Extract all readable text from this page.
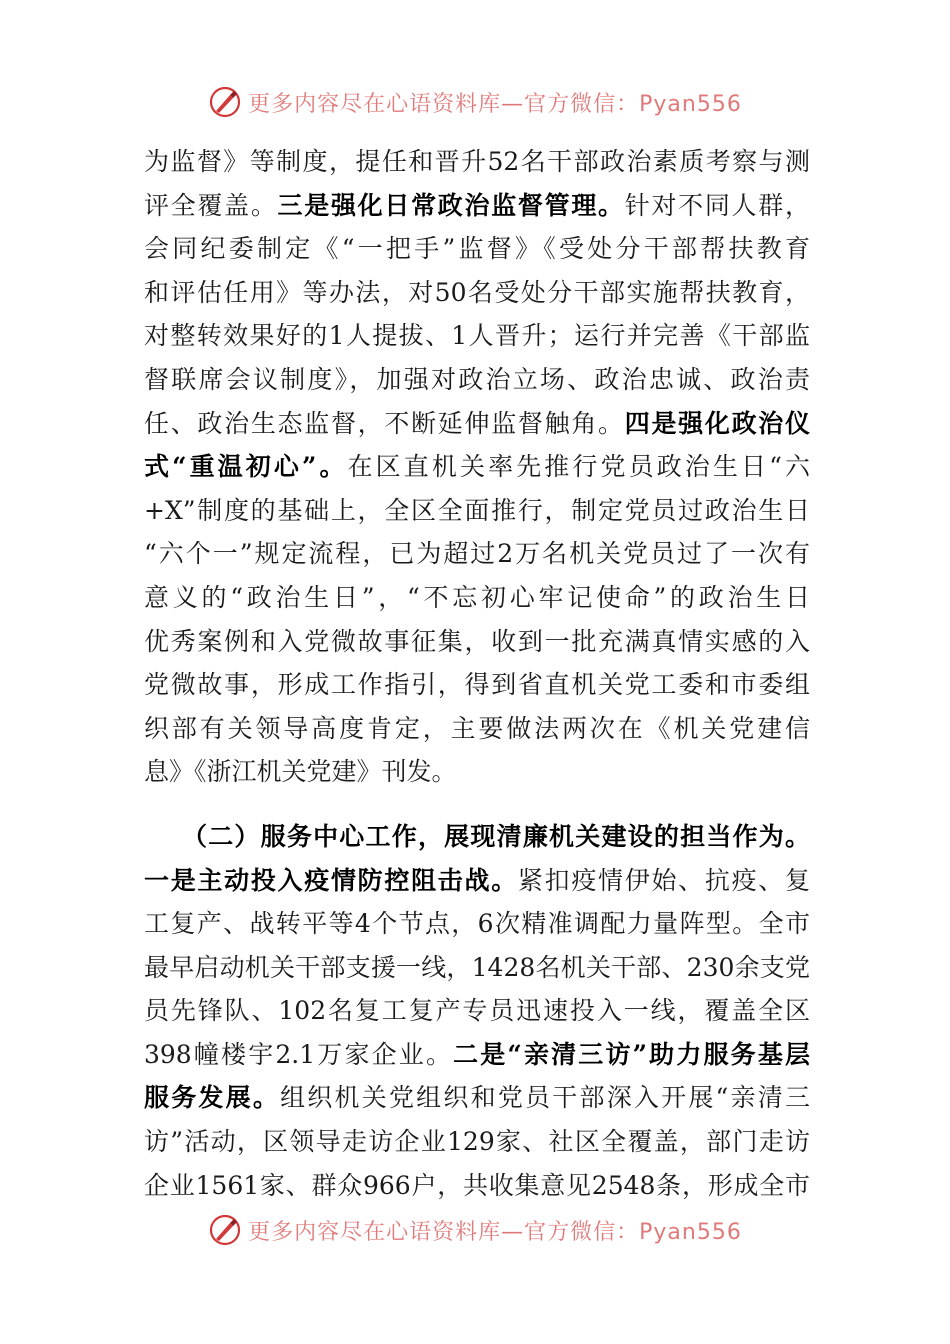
更多内容尽在心语资料库—官方微信：Pyan556
为监督》等制度，提任和晋升52名干部政治素质考察与测
评全覆盖。三是强化日常政治监督管理。针对不同人群，
会同纪委制定《“一把手”监督》《受处分干部帮扶教育
和评估任用》等办法，对50名受处分干部实施帮扶教育，
对整转效果好的1人提拔、1人晋升；运行并完善《干部监
督联席会议制度》，加强对政治立场、政治忠诚、政治责
任、政治生态监督，不断延伸监督触角。四是强化政治仪
式“重温初心”。在区直机关率先推行党员政治生日“六
+X”制度的基础上，全区全面推行，制定党员过政治生日
“六个一”规定流程，已为超过2万名机关党员过了一次有
意义的“政治生日”，“不忘初心牢记使命”的政治生日
优秀案例和入党微故事征集，收到一批充满真情实感的入
党微故事，形成工作指引，得到省直机关党工委和市委组
织部有关领导高度肯定，主要做法两次在《机关党建信
息》《浙江机关党建》刊发。
（二）服务中心工作，展现清廉机关建设的担当作为。
一是主动投入疫情防控阻击战。紧扣疫情伊始、抗疫、复
工复产、战转平等4个节点，6次精准调配力量阵型。全市
最早启动机关干部支援一线，1428名机关干部、230余支党
员先锋队、102名复工复产专员迅速投入一线，覆盖全区
398幢楼宇2.1万家企业。二是“亲清三访”助力服务基层
服务发展。组织机关党组织和党员干部深入开展“亲清三
访”活动，区领导走访企业129家、社区全覆盖，部门走访
企业1561家、群众966户，共收集意见2548条，形成全市
更多内容尽在心语资料库—官方微信：Pyan556
